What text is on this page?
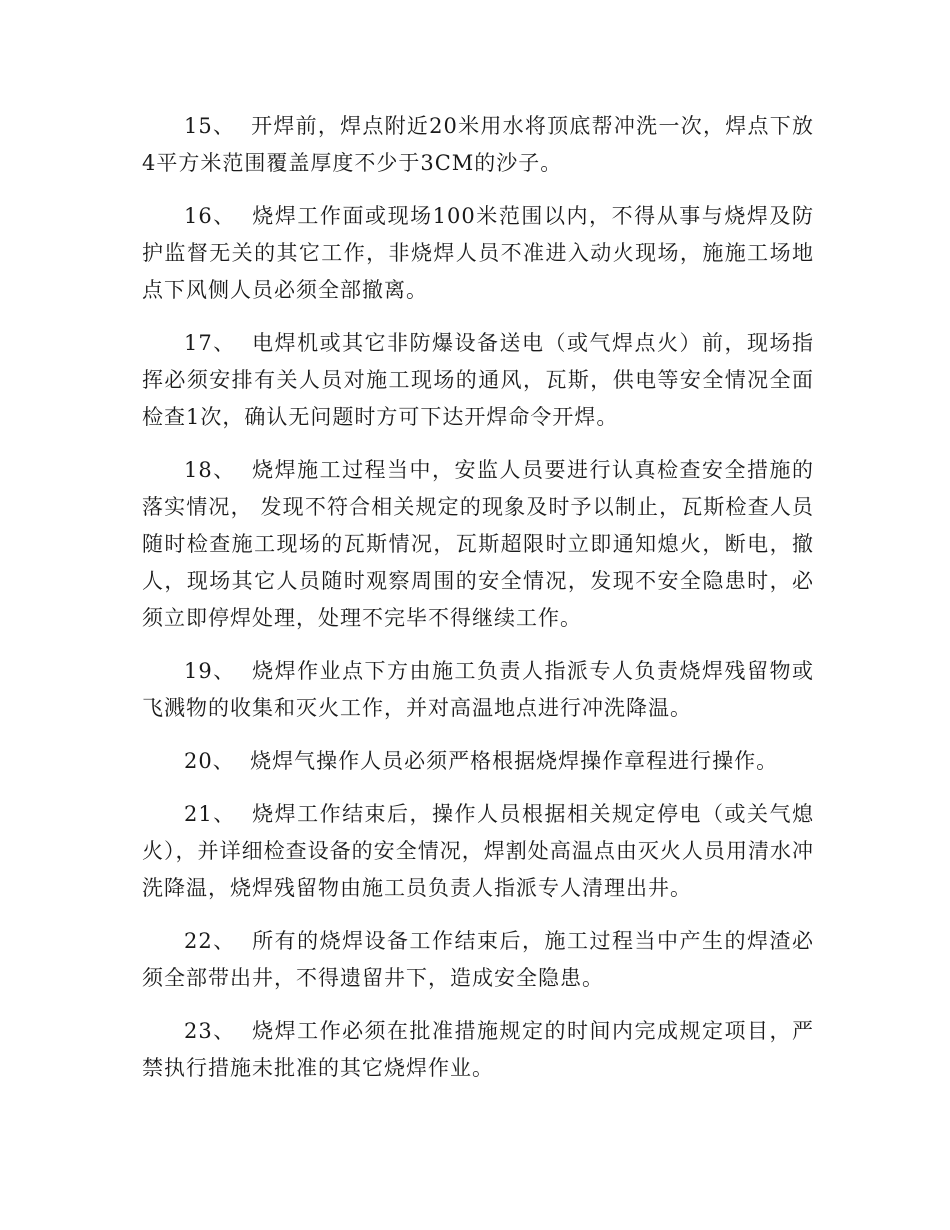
15、 开焊前，焊点附近20米用水将顶底帮冲洗一次，焊点下放4平方米范围覆盖厚度不少于3CM的沙子。

16、 烧焊工作面或现场100米范围以内，不得从事与烧焊及防护监督无关的其它工作，非烧焊人员不准进入动火现场，施施工场地点下风侧人员必须全部撤离。

17、 电焊机或其它非防爆设备送电（或气焊点火）前，现场指挥必须安排有关人员对施工现场的通风，瓦斯，供电等安全情况全面检查1次，确认无问题时方可下达开焊命令开焊。

18、 烧焊施工过程当中，安监人员要进行认真检查安全措施的落实情况， 发现不符合相关规定的现象及时予以制止，瓦斯检查人员随时检查施工现场的瓦斯情况，瓦斯超限时立即通知熄火，断电，撤人，现场其它人员随时观察周围的安全情况，发现不安全隐患时，必须立即停焊处理，处理不完毕不得继续工作。

19、 烧焊作业点下方由施工负责人指派专人负责烧焊残留物或飞溅物的收集和灭火工作，并对高温地点进行冲洗降温。

20、 烧焊气操作人员必须严格根据烧焊操作章程进行操作。

21、 烧焊工作结束后，操作人员根据相关规定停电（或关气熄火），并详细检查设备的安全情况，焊割处高温点由灭火人员用清水冲洗降温，烧焊残留物由施工员负责人指派专人清理出井。

22、 所有的烧焊设备工作结束后，施工过程当中产生的焊渣必须全部带出井，不得遗留井下，造成安全隐患。

23、 烧焊工作必须在批准措施规定的时间内完成规定项目，严禁执行措施未批准的其它烧焊作业。
